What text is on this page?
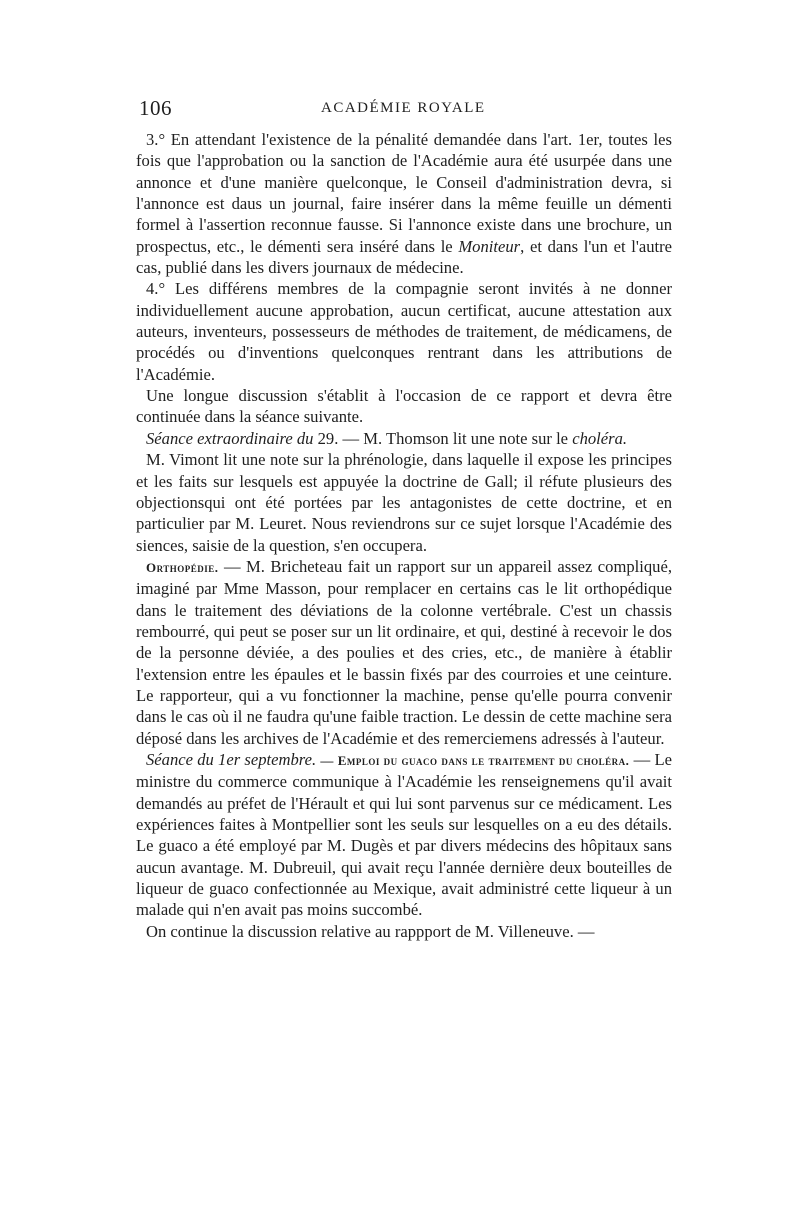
106	ACADÉMIE ROYALE

3.° En attendant l'existence de la pénalité demandée dans l'art. 1er, toutes les fois que l'approbation ou la sanction de l'Académie aura été usurpée dans une annonce et d'une manière quelconque, le Conseil d'administration devra, si l'annonce est daus un journal, faire insérer dans la même feuille un démenti formel à l'assertion reconnue fausse. Si l'annonce existe dans une brochure, un prospectus, etc., le démenti sera inséré dans le Moniteur, et dans l'un et l'autre cas, publié dans les divers journaux de médecine.

4.° Les différens membres de la compagnie seront invités à ne donner individuellement aucune approbation, aucun certificat, aucune attestation aux auteurs, inventeurs, possesseurs de méthodes de traitement, de médicamens, de procédés ou d'inventions quelconques rentrant dans les attributions de l'Académie.

Une longue discussion s'établit à l'occasion de ce rapport et devra être continuée dans la séance suivante.

Séance extraordinaire du 29. — M. Thomson lit une note sur le choléra.

M. Vimont lit une note sur la phrénologie, dans laquelle il expose les principes et les faits sur lesquels est appuyée la doctrine de Gall; il réfute plusieurs des objectionsqui ont été portées par les antagonistes de cette doctrine, et en particulier par M. Leuret. Nous reviendrons sur ce sujet lorsque l'Académie des siences, saisie de la question, s'en occupera.

Orthopédie. — M. Bricheteau fait un rapport sur un appareil assez compliqué, imaginé par Mme Masson, pour remplacer en certains cas le lit orthopédique dans le traitement des déviations de la colonne vertébrale. C'est un chassis rembourré, qui peut se poser sur un lit ordinaire, et qui, destiné à recevoir le dos de la personne déviée, a des poulies et des cries, etc., de manière à établir l'extension entre les épaules et le bassin fixés par des courroies et une ceinture. Le rapporteur, qui a vu fonctionner la machine, pense qu'elle pourra convenir dans le cas où il ne faudra qu'une faible traction. Le dessin de cette machine sera déposé dans les archives de l'Académie et des remerciemens adressés à l'auteur.

Séance du 1er septembre. — Emploi du guaco dans le traitement du choléra. — Le ministre du commerce communique à l'Académie les renseignemens qu'il avait demandés au préfet de l'Hérault et qui lui sont parvenus sur ce médicament. Les expériences faites à Montpellier sont les seuls sur lesquelles on a eu des détails. Le guaco a été employé par M. Dugès et par divers médecins des hôpitaux sans aucun avantage. M. Dubreuil, qui avait reçu l'année dernière deux bouteilles de liqueur de guaco confectionnée au Mexique, avait administré cette liqueur à un malade qui n'en avait pas moins succombé.

On continue la discussion relative au rappport de M. Villeneuve. —
